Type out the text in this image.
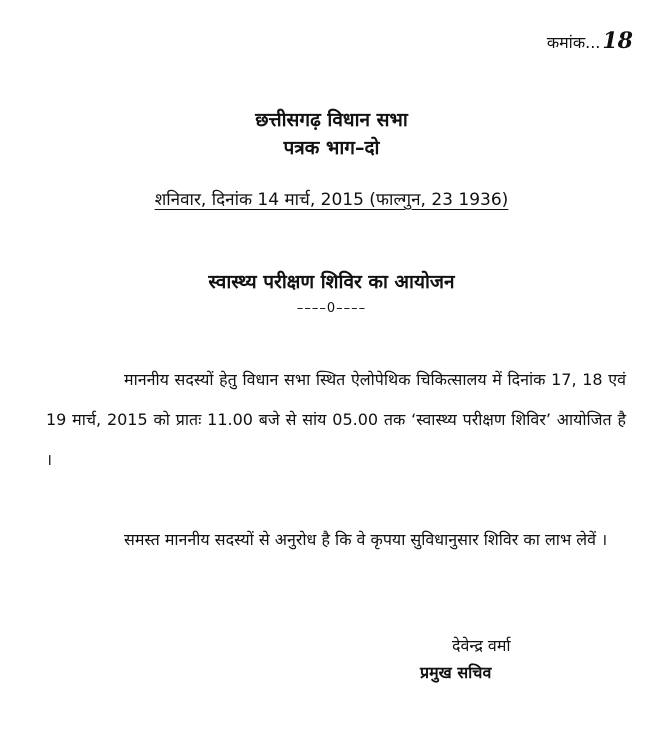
कमांक...18
छत्तीसगढ़ विधान सभा
पत्रक भाग–दो
शनिवार, दिनांक 14 मार्च, 2015 (फाल्गुन, 23 1936)
स्वास्थ्य परीक्षण शिविर का आयोजन
––––0––––

माननीय सदस्यों हेतु विधान सभा स्थित ऐलोपेथिक चिकित्सालय में दिनांक 17, 18 एवं 19 मार्च, 2015 को प्रातः 11.00 बजे से सांय 05.00 तक ‘स्वास्थ्य परीक्षण शिविर’ आयोजित है ।

समस्त माननीय सदस्यों से अनुरोध है कि वे कृपया सुविधानुसार शिविर का लाभ लेवें ।

देवेन्द्र वर्मा
प्रमुख सचिव
